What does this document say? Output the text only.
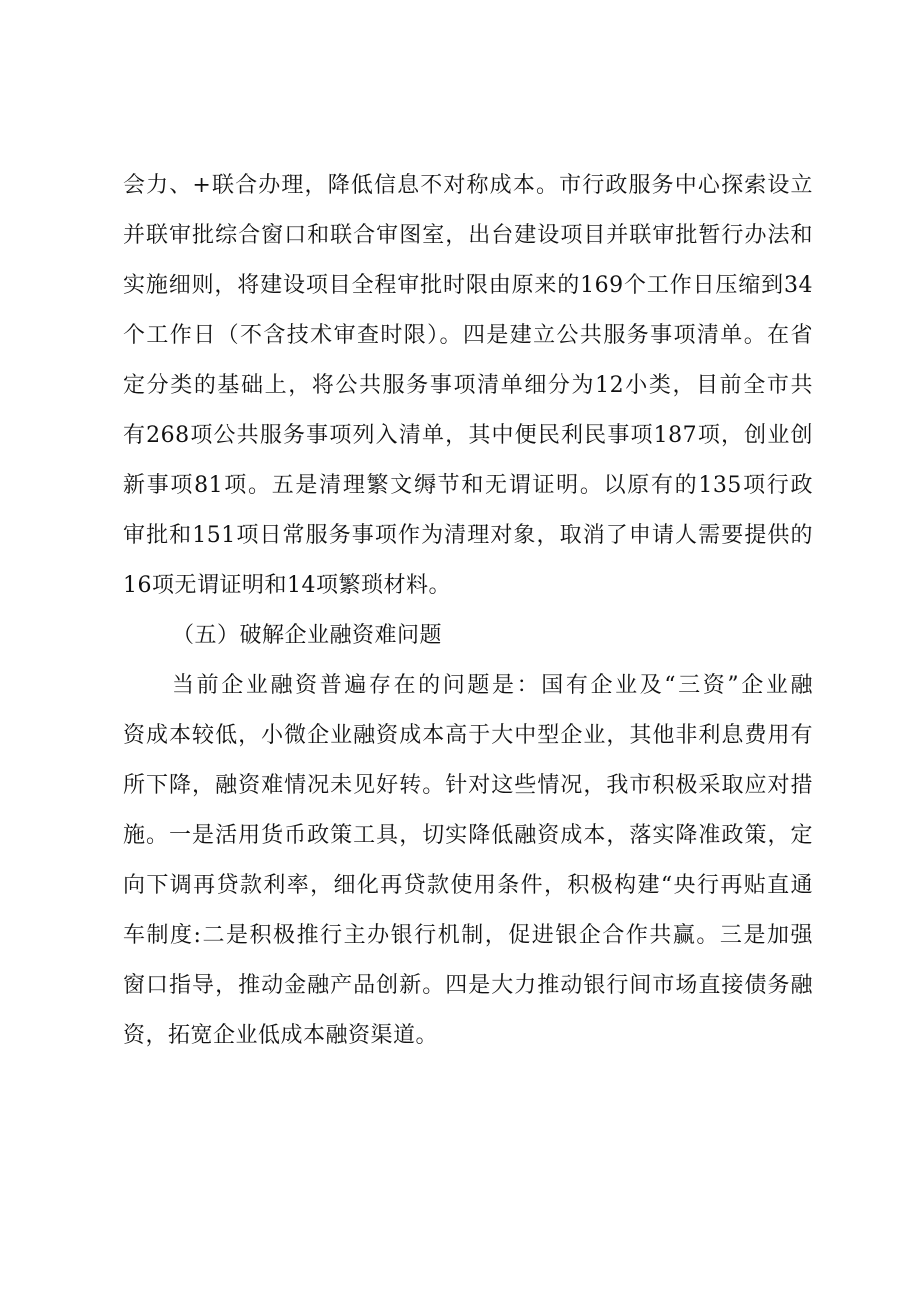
会力、+联合办理，降低信息不对称成本。市行政服务中心探索设立
并联审批综合窗口和联合审图室，出台建设项目并联审批暂行办法和
实施细则，将建设项目全程审批时限由原来的169个工作日压缩到34
个工作日（不含技术审查时限）。四是建立公共服务事项清单。在省
定分类的基础上，将公共服务事项清单细分为12小类，目前全市共
有268项公共服务事项列入清单，其中便民利民事项187项，创业创
新事项81项。五是清理繁文缛节和无谓证明。以原有的135项行政
审批和151项日常服务事项作为清理对象，取消了申请人需要提供的
16项无谓证明和14项繁琐材料。
（五）破解企业融资难问题
当前企业融资普遍存在的问题是：国有企业及“三资”企业融
资成本较低，小微企业融资成本高于大中型企业，其他非利息费用有
所下降，融资难情况未见好转。针对这些情况，我市积极采取应对措
施。一是活用货币政策工具，切实降低融资成本，落实降准政策，定
向下调再贷款利率，细化再贷款使用条件，积极构建“央行再贴直通
车制度:二是积极推行主办银行机制，促进银企合作共赢。三是加强
窗口指导，推动金融产品创新。四是大力推动银行间市场直接债务融
资，拓宽企业低成本融资渠道。
